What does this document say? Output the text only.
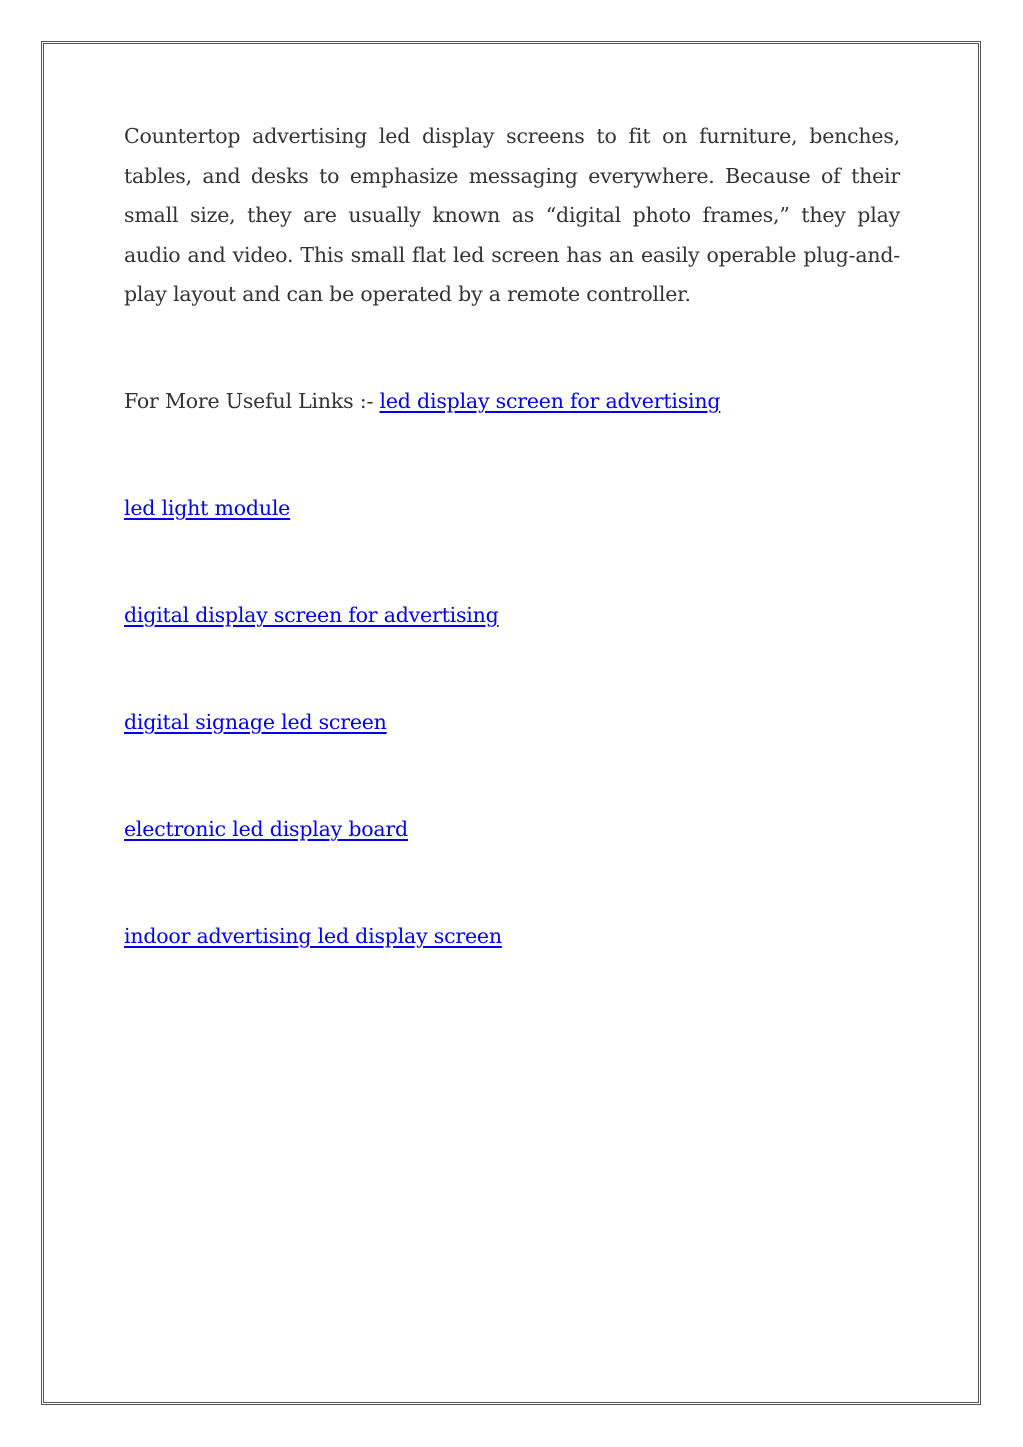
Countertop advertising led display screens to fit on furniture, benches, tables, and desks to emphasize messaging everywhere. Because of their small size, they are usually known as “digital photo frames,” they play audio and video. This small flat led screen has an easily operable plug-and-play layout and can be operated by a remote controller.

For More Useful Links :- led display screen for advertising

led light module

digital display screen for advertising

digital signage led screen

electronic led display board

indoor advertising led display screen
